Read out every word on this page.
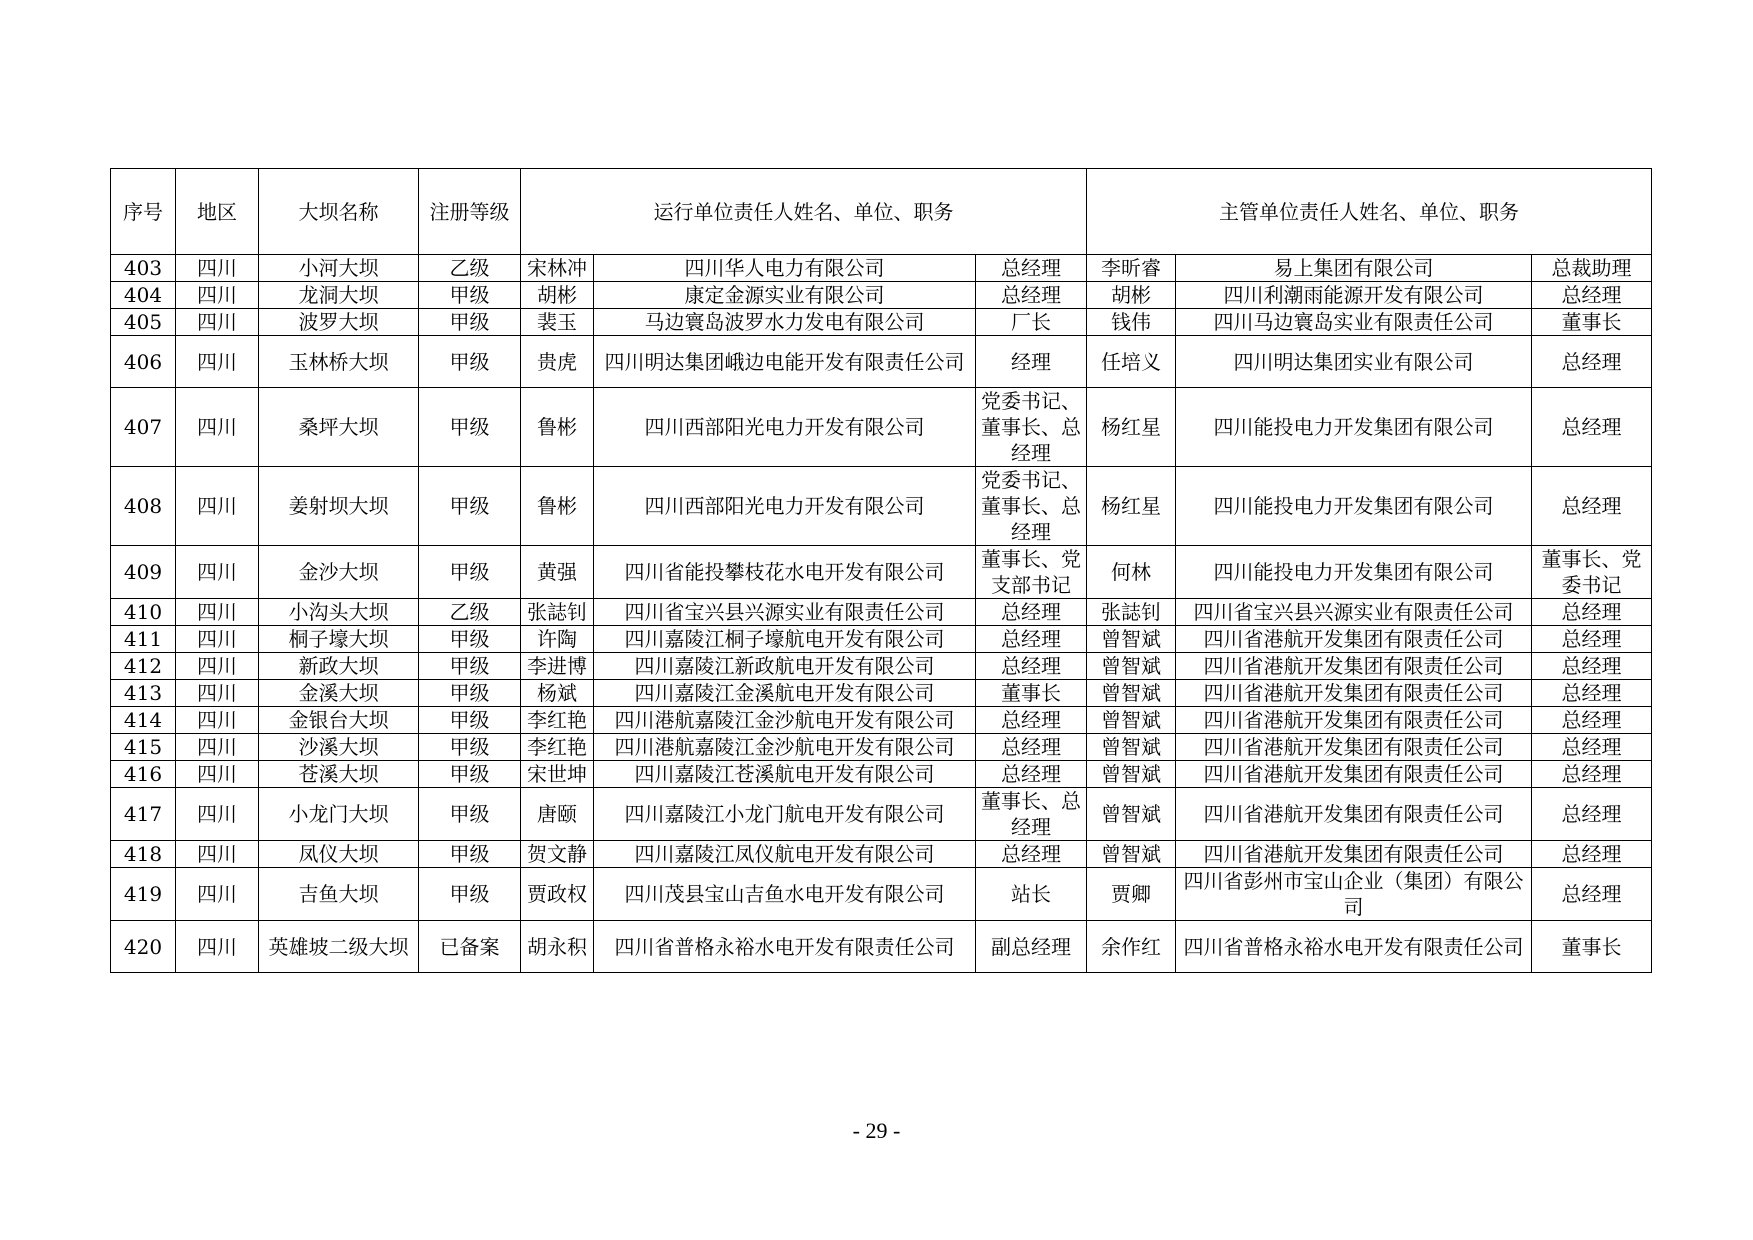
序号	地区	大坝名称	注册等级	运行单位责任人姓名、单位、职务			主管单位责任人姓名、单位、职务		
403	四川	小河大坝	乙级	宋林冲	四川华人电力有限公司	总经理	李昕睿	易上集团有限公司	总裁助理
404	四川	龙洞大坝	甲级	胡彬	康定金源实业有限公司	总经理	胡彬	四川利潮雨能源开发有限公司	总经理
405	四川	波罗大坝	甲级	裴玉	马边寰岛波罗水力发电有限公司	厂长	钱伟	四川马边寰岛实业有限责任公司	董事长
406	四川	玉林桥大坝	甲级	贵虎	四川明达集团峨边电能开发有限责任公司	经理	任培义	四川明达集团实业有限公司	总经理
407	四川	桑坪大坝	甲级	鲁彬	四川西部阳光电力开发有限公司	党委书记、董事长、总经理	杨红星	四川能投电力开发集团有限公司	总经理
408	四川	姜射坝大坝	甲级	鲁彬	四川西部阳光电力开发有限公司	党委书记、董事长、总经理	杨红星	四川能投电力开发集团有限公司	总经理
409	四川	金沙大坝	甲级	黄强	四川省能投攀枝花水电开发有限公司	董事长、党支部书记	何林	四川能投电力开发集团有限公司	董事长、党委书记
410	四川	小沟头大坝	乙级	张誌钊	四川省宝兴县兴源实业有限责任公司	总经理	张誌钊	四川省宝兴县兴源实业有限责任公司	总经理
411	四川	桐子壕大坝	甲级	许陶	四川嘉陵江桐子壕航电开发有限公司	总经理	曾智斌	四川省港航开发集团有限责任公司	总经理
412	四川	新政大坝	甲级	李进博	四川嘉陵江新政航电开发有限公司	总经理	曾智斌	四川省港航开发集团有限责任公司	总经理
413	四川	金溪大坝	甲级	杨斌	四川嘉陵江金溪航电开发有限公司	董事长	曾智斌	四川省港航开发集团有限责任公司	总经理
414	四川	金银台大坝	甲级	李红艳	四川港航嘉陵江金沙航电开发有限公司	总经理	曾智斌	四川省港航开发集团有限责任公司	总经理
415	四川	沙溪大坝	甲级	李红艳	四川港航嘉陵江金沙航电开发有限公司	总经理	曾智斌	四川省港航开发集团有限责任公司	总经理
416	四川	苍溪大坝	甲级	宋世坤	四川嘉陵江苍溪航电开发有限公司	总经理	曾智斌	四川省港航开发集团有限责任公司	总经理
417	四川	小龙门大坝	甲级	唐颐	四川嘉陵江小龙门航电开发有限公司	董事长、总经理	曾智斌	四川省港航开发集团有限责任公司	总经理
418	四川	凤仪大坝	甲级	贺文静	四川嘉陵江凤仪航电开发有限公司	总经理	曾智斌	四川省港航开发集团有限责任公司	总经理
419	四川	吉鱼大坝	甲级	贾政权	四川茂县宝山吉鱼水电开发有限公司	站长	贾卿	四川省彭州市宝山企业（集团）有限公司	总经理
420	四川	英雄坡二级大坝	已备案	胡永积	四川省普格永裕水电开发有限责任公司	副总经理	余作红	四川省普格永裕水电开发有限责任公司	董事长
- 29 -
